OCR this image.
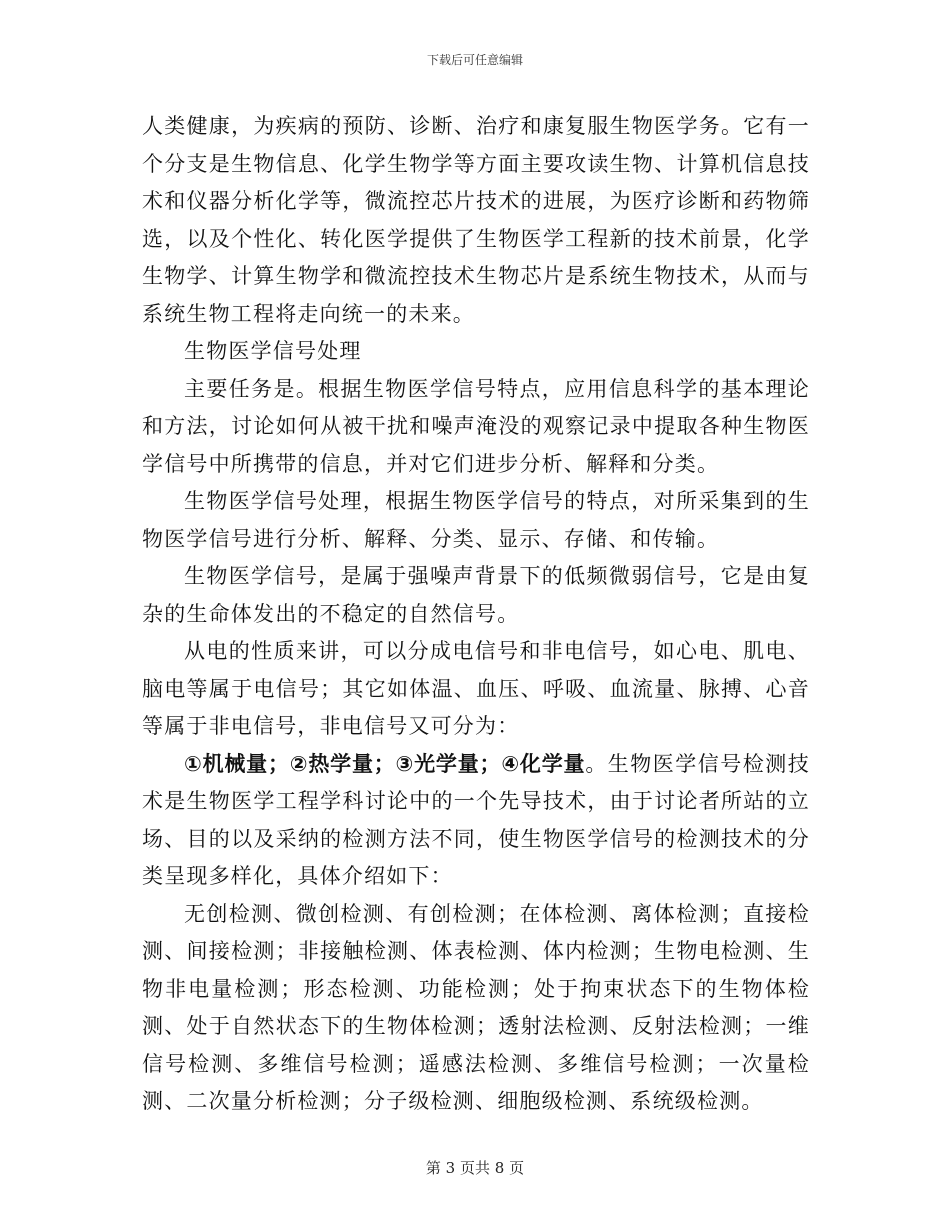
下载后可任意编辑

人类健康，为疾病的预防、诊断、治疗和康复服生物医学务。它有一个分支是生物信息、化学生物学等方面主要攻读生物、计算机信息技术和仪器分析化学等，微流控芯片技术的进展，为医疗诊断和药物筛选，以及个性化、转化医学提供了生物医学工程新的技术前景，化学生物学、计算生物学和微流控技术生物芯片是系统生物技术，从而与系统生物工程将走向统一的未来。

生物医学信号处理

主要任务是。根据生物医学信号特点，应用信息科学的基本理论和方法，讨论如何从被干扰和噪声淹没的观察记录中提取各种生物医学信号中所携带的信息，并对它们进步分析、解释和分类。

生物医学信号处理，根据生物医学信号的特点，对所采集到的生物医学信号进行分析、解释、分类、显示、存储、和传输。

生物医学信号，是属于强噪声背景下的低频微弱信号，它是由复杂的生命体发出的不稳定的自然信号。

从电的性质来讲，可以分成电信号和非电信号，如心电、肌电、脑电等属于电信号；其它如体温、血压、呼吸、血流量、脉搏、心音等属于非电信号，非电信号又可分为：

①机械量；②热学量；③光学量；④化学量。生物医学信号检测技术是生物医学工程学科讨论中的一个先导技术，由于讨论者所站的立场、目的以及采纳的检测方法不同，使生物医学信号的检测技术的分类呈现多样化，具体介绍如下：

无创检测、微创检测、有创检测；在体检测、离体检测；直接检测、间接检测；非接触检测、体表检测、体内检测；生物电检测、生物非电量检测；形态检测、功能检测；处于拘束状态下的生物体检测、处于自然状态下的生物体检测；透射法检测、反射法检测；一维信号检测、多维信号检测；遥感法检测、多维信号检测；一次量检测、二次量分析检测；分子级检测、细胞级检测、系统级检测。

第 3 页共 8 页
